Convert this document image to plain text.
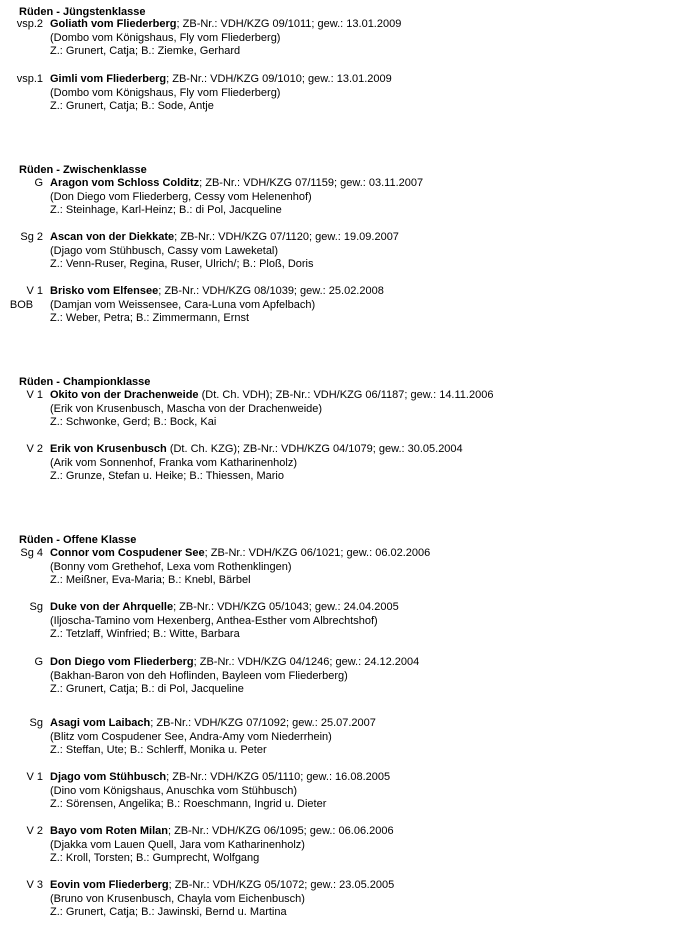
Rüden - Jüngstenklasse
vsp.2 Goliath vom Fliederberg; ZB-Nr.: VDH/KZG 09/1011; gew.: 13.01.2009
(Dombo vom Königshaus, Fly vom Fliederberg)
Z.: Grunert, Catja; B.: Ziemke, Gerhard
vsp.1 Gimli vom Fliederberg; ZB-Nr.: VDH/KZG 09/1010; gew.: 13.01.2009
(Dombo vom Königshaus, Fly vom Fliederberg)
Z.: Grunert, Catja; B.: Sode, Antje
Rüden - Zwischenklasse
G Aragon vom Schloss Colditz; ZB-Nr.: VDH/KZG 07/1159; gew.: 03.11.2007
(Don Diego vom Fliederberg, Cessy vom Helenenhof)
Z.: Steinhage, Karl-Heinz; B.: di Pol, Jacqueline
Sg 2 Ascan von der Diekkate; ZB-Nr.: VDH/KZG 07/1120; gew.: 19.09.2007
(Djago vom Stühbusch, Cassy vom Laweketal)
Z.: Venn-Ruser, Regina, Ruser, Ulrich/; B.: Ploß, Doris
V 1
BOB
Brisko vom Elfensee; ZB-Nr.: VDH/KZG 08/1039; gew.: 25.02.2008
(Damjan vom Weissensee, Cara-Luna vom Apfelbach)
Z.: Weber, Petra; B.: Zimmermann, Ernst
Rüden - Championklasse
V 1 Okito von der Drachenweide (Dt. Ch. VDH); ZB-Nr.: VDH/KZG 06/1187; gew.: 14.11.2006
(Erik von Krusenbusch, Mascha von der Drachenweide)
Z.: Schwonke, Gerd; B.: Bock, Kai
V 2 Erik von Krusenbusch (Dt. Ch. KZG); ZB-Nr.: VDH/KZG 04/1079; gew.: 30.05.2004
(Arik vom Sonnenhof, Franka vom Katharinenholz)
Z.: Grunze, Stefan u. Heike; B.: Thiessen, Mario
Rüden - Offene Klasse
Sg 4 Connor vom Cospudener See; ZB-Nr.: VDH/KZG 06/1021; gew.: 06.02.2006
(Bonny vom Grethehof, Lexa vom Rothenklingen)
Z.: Meißner, Eva-Maria; B.: Knebl, Bärbel
Sg Duke von der Ahrquelle; ZB-Nr.: VDH/KZG 05/1043; gew.: 24.04.2005
(Iljoscha-Tamino vom Hexenberg, Anthea-Esther vom Albrechtshof)
Z.: Tetzlaff, Winfried; B.: Witte, Barbara
G Don Diego vom Fliederberg; ZB-Nr.: VDH/KZG 04/1246; gew.: 24.12.2004
(Bakhan-Baron von deh Hoflinden, Bayleen vom Fliederberg)
Z.: Grunert, Catja; B.: di Pol, Jacqueline
Sg Asagi vom Laibach; ZB-Nr.: VDH/KZG 07/1092; gew.: 25.07.2007
(Blitz vom Cospudener See, Andra-Amy vom Niederrhein)
Z.: Steffan, Ute; B.: Schlerff, Monika u. Peter
V 1 Djago vom Stühbusch; ZB-Nr.: VDH/KZG 05/1110; gew.: 16.08.2005
(Dino vom Königshaus, Anuschka vom Stühbusch)
Z.: Sörensen, Angelika; B.: Roeschmann, Ingrid u. Dieter
V 2 Bayo vom Roten Milan; ZB-Nr.: VDH/KZG 06/1095; gew.: 06.06.2006
(Djakka vom Lauen Quell, Jara vom Katharinenholz)
Z.: Kroll, Torsten; B.: Gumprecht, Wolfgang
V 3 Eovin vom Fliederberg; ZB-Nr.: VDH/KZG 05/1072; gew.: 23.05.2005
(Bruno von Krusenbusch, Chayla vom Eichenbusch)
Z.: Grunert, Catja; B.: Jawinski, Bernd u. Martina
